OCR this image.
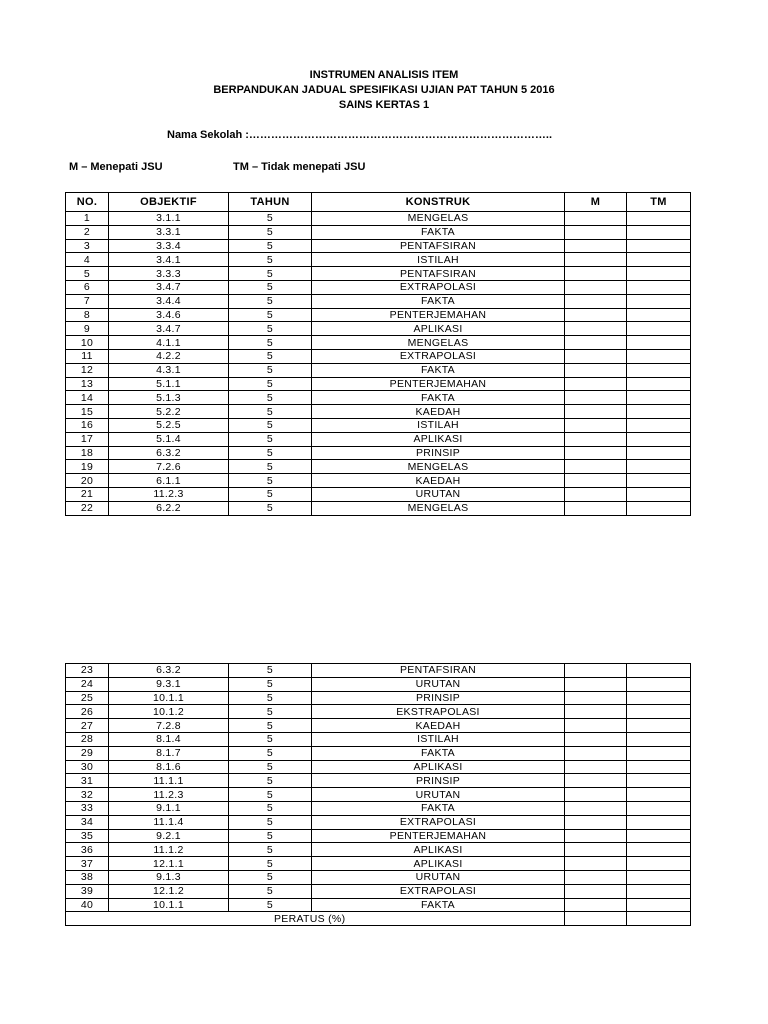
INSTRUMEN ANALISIS ITEM
BERPANDUKAN JADUAL SPESIFIKASI UJIAN PAT TAHUN 5 2016
SAINS KERTAS 1
Nama Sekolah :………………………………………………………………………..
M – Menepati JSU	TM – Tidak menepati JSU
NO.	OBJEKTIF	TAHUN	KONSTRUK	M	TM
1	3.1.1	5	MENGELAS		
2	3.3.1	5	FAKTA		
3	3.3.4	5	PENTAFSIRAN		
4	3.4.1	5	ISTILAH		
5	3.3.3	5	PENTAFSIRAN		
6	3.4.7	5	EXTRAPOLASI		
7	3.4.4	5	FAKTA		
8	3.4.6	5	PENTERJEMAHAN		
9	3.4.7	5	APLIKASI		
10	4.1.1	5	MENGELAS		
11	4.2.2	5	EXTRAPOLASI		
12	4.3.1	5	FAKTA		
13	5.1.1	5	PENTERJEMAHAN		
14	5.1.3	5	FAKTA		
15	5.2.2	5	KAEDAH		
16	5.2.5	5	ISTILAH		
17	5.1.4	5	APLIKASI		
18	6.3.2	5	PRINSIP		
19	7.2.6	5	MENGELAS		
20	6.1.1	5	KAEDAH		
21	11.2.3	5	URUTAN		
22	6.2.2	5	MENGELAS		
23	6.3.2	5	PENTAFSIRAN		
24	9.3.1	5	URUTAN		
25	10.1.1	5	PRINSIP		
26	10.1.2	5	EKSTRAPOLASI		
27	7.2.8	5	KAEDAH		
28	8.1.4	5	ISTILAH		
29	8.1.7	5	FAKTA		
30	8.1.6	5	APLIKASI		
31	11.1.1	5	PRINSIP		
32	11.2.3	5	URUTAN		
33	9.1.1	5	FAKTA		
34	11.1.4	5	EXTRAPOLASI		
35	9.2.1	5	PENTERJEMAHAN		
36	11.1.2	5	APLIKASI		
37	12.1.1	5	APLIKASI		
38	9.1.3	5	URUTAN		
39	12.1.2	5	EXTRAPOLASI		
40	10.1.1	5	FAKTA		
PERATUS (%)					
